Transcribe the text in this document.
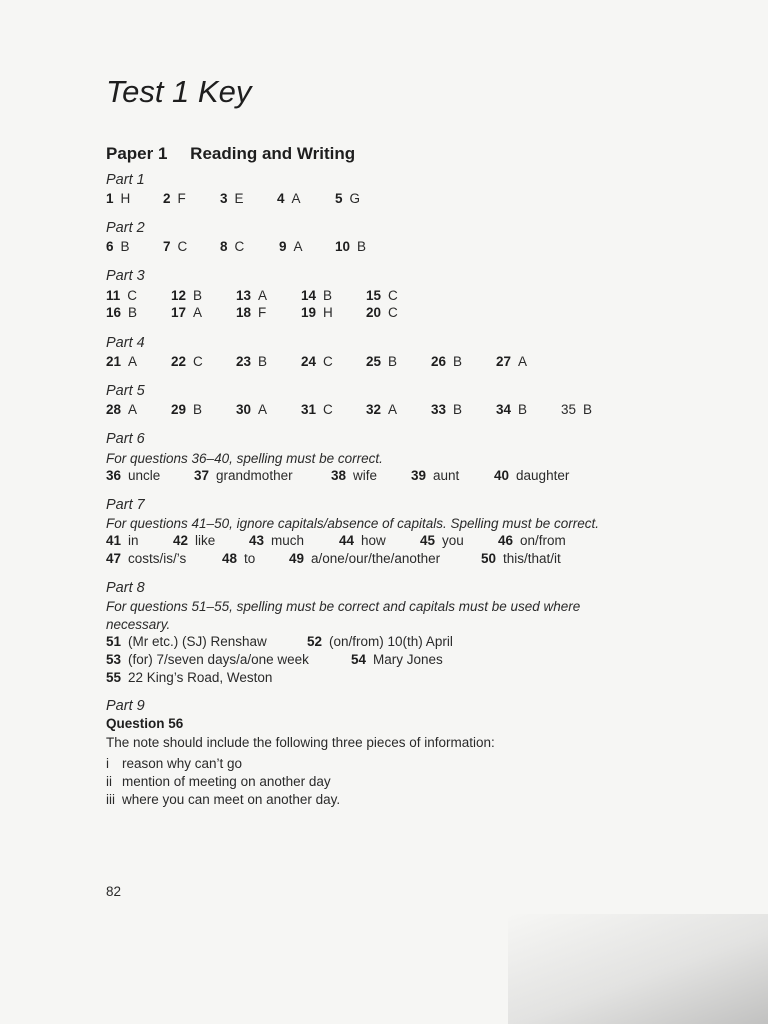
Test 1 Key
Paper 1 Reading and Writing
Part 1
1 H 2 F	3 E 4 A	5 G
Part 2
6 B 7 C 8 C	9 A 10 B
Part 3
11 C	12 B	13 A	14 B	15 C
16 B	17 A	18 F	19 H 20 C
Part 4
21 A	22 C 23 B	24 C 25 B	26 B	27 A
Part 5
28 A	29 B	30 A	31 C 32 A	33 B	34 B	35 B
Part 6
For questions 36–40, spelling must be correct.
36 uncle 37 grandmother	38 wife	39 aunt	40 daughter
Part 7
For questions 41–50, ignore capitals/absence of capitals. Spelling must be correct.
41 in	42 like 43 much	44 how	45 you	46 on/from
47 costs/is/’s	48 to 49 a/one/our/the/another	50 this/that/it
Part 8
For questions 51–55, spelling must be correct and capitals must be used where necessary.
51 (Mr etc.) (SJ) Renshaw	52 (on/from) 10(th) April
53 (for) 7/seven days/a/one week	54 Mary Jones
55 22 King’s Road, Weston
Part 9
Question 56
The note should include the following three pieces of information:
i reason why can’t go
ii mention of meeting on another day
iii where you can meet on another day.
82
